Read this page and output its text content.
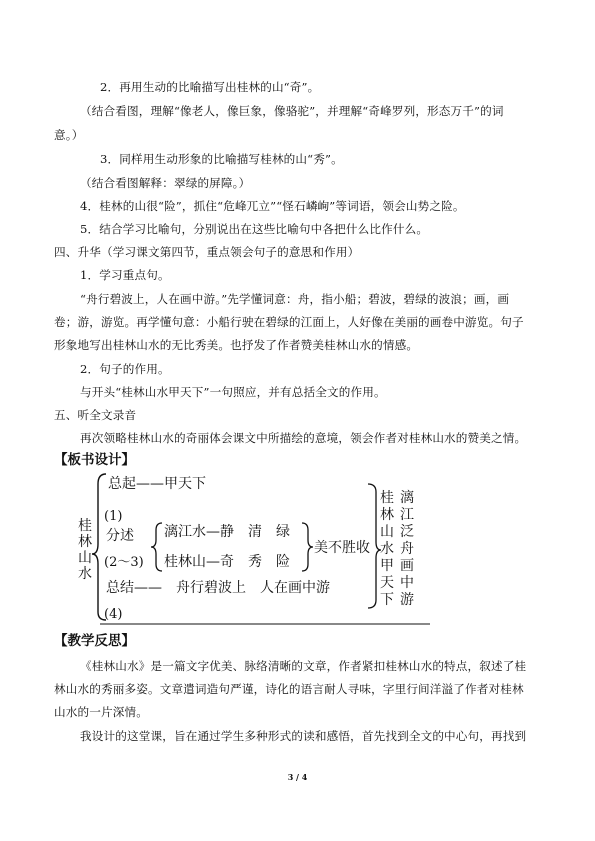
2．再用生动的比喻描写出桂林的山“奇”。
（结合看图，理解“像老人，像巨象，像骆驼”，并理解“奇峰罗列，形态万千”的词
意。）
3．同样用生动形象的比喻描写桂林的山“秀”。
（结合看图解释：翠绿的屏障。）
4．桂林的山很“险”，抓住“危峰兀立”“怪石嶙峋”等词语，领会山势之险。
5．结合学习比喻句，分别说出在这些比喻句中各把什么比作什么。
四、升华（学习课文第四节，重点领会句子的意思和作用）
1．学习重点句。
“舟行碧波上，人在画中游。”先学懂词意：舟，指小船；碧波，碧绿的波浪；画，画
卷；游，游览。再学懂句意：小船行驶在碧绿的江面上，人好像在美丽的画卷中游览。句子
形象地写出桂林山水的无比秀美。也抒发了作者赞美桂林山水的情感。
2．句子的作用。
与开头“桂林山水甲天下”一句照应，并有总括全文的作用。
五、听全文录音
再次领略桂林山水的奇丽体会课文中所描绘的意境，领会作者对桂林山水的赞美之情。
《桂林山水》是一篇文字优美、脉络清晰的文章，作者紧扣桂林山水的特点，叙述了桂
林山水的秀丽多姿。文章遣词造句严谨，诗化的语言耐人寻味，字里行间洋溢了作者对桂林
山水的一片深情。
我设计的这堂课，旨在通过学生多种形式的读和感悟，首先找到全文的中心句，再找到
【板书设计】
【教学反思】
桂
林
山
水
总起——甲天下
(1)
分述
(2～3)
漓江水—静　清　绿
桂林山—奇　秀　险
美不胜收
总结—— 舟行碧波上　人在画中游
(4)
桂
林
山
水
甲
天
下
漓
江
泛
舟
画
中
游
3 / 4
